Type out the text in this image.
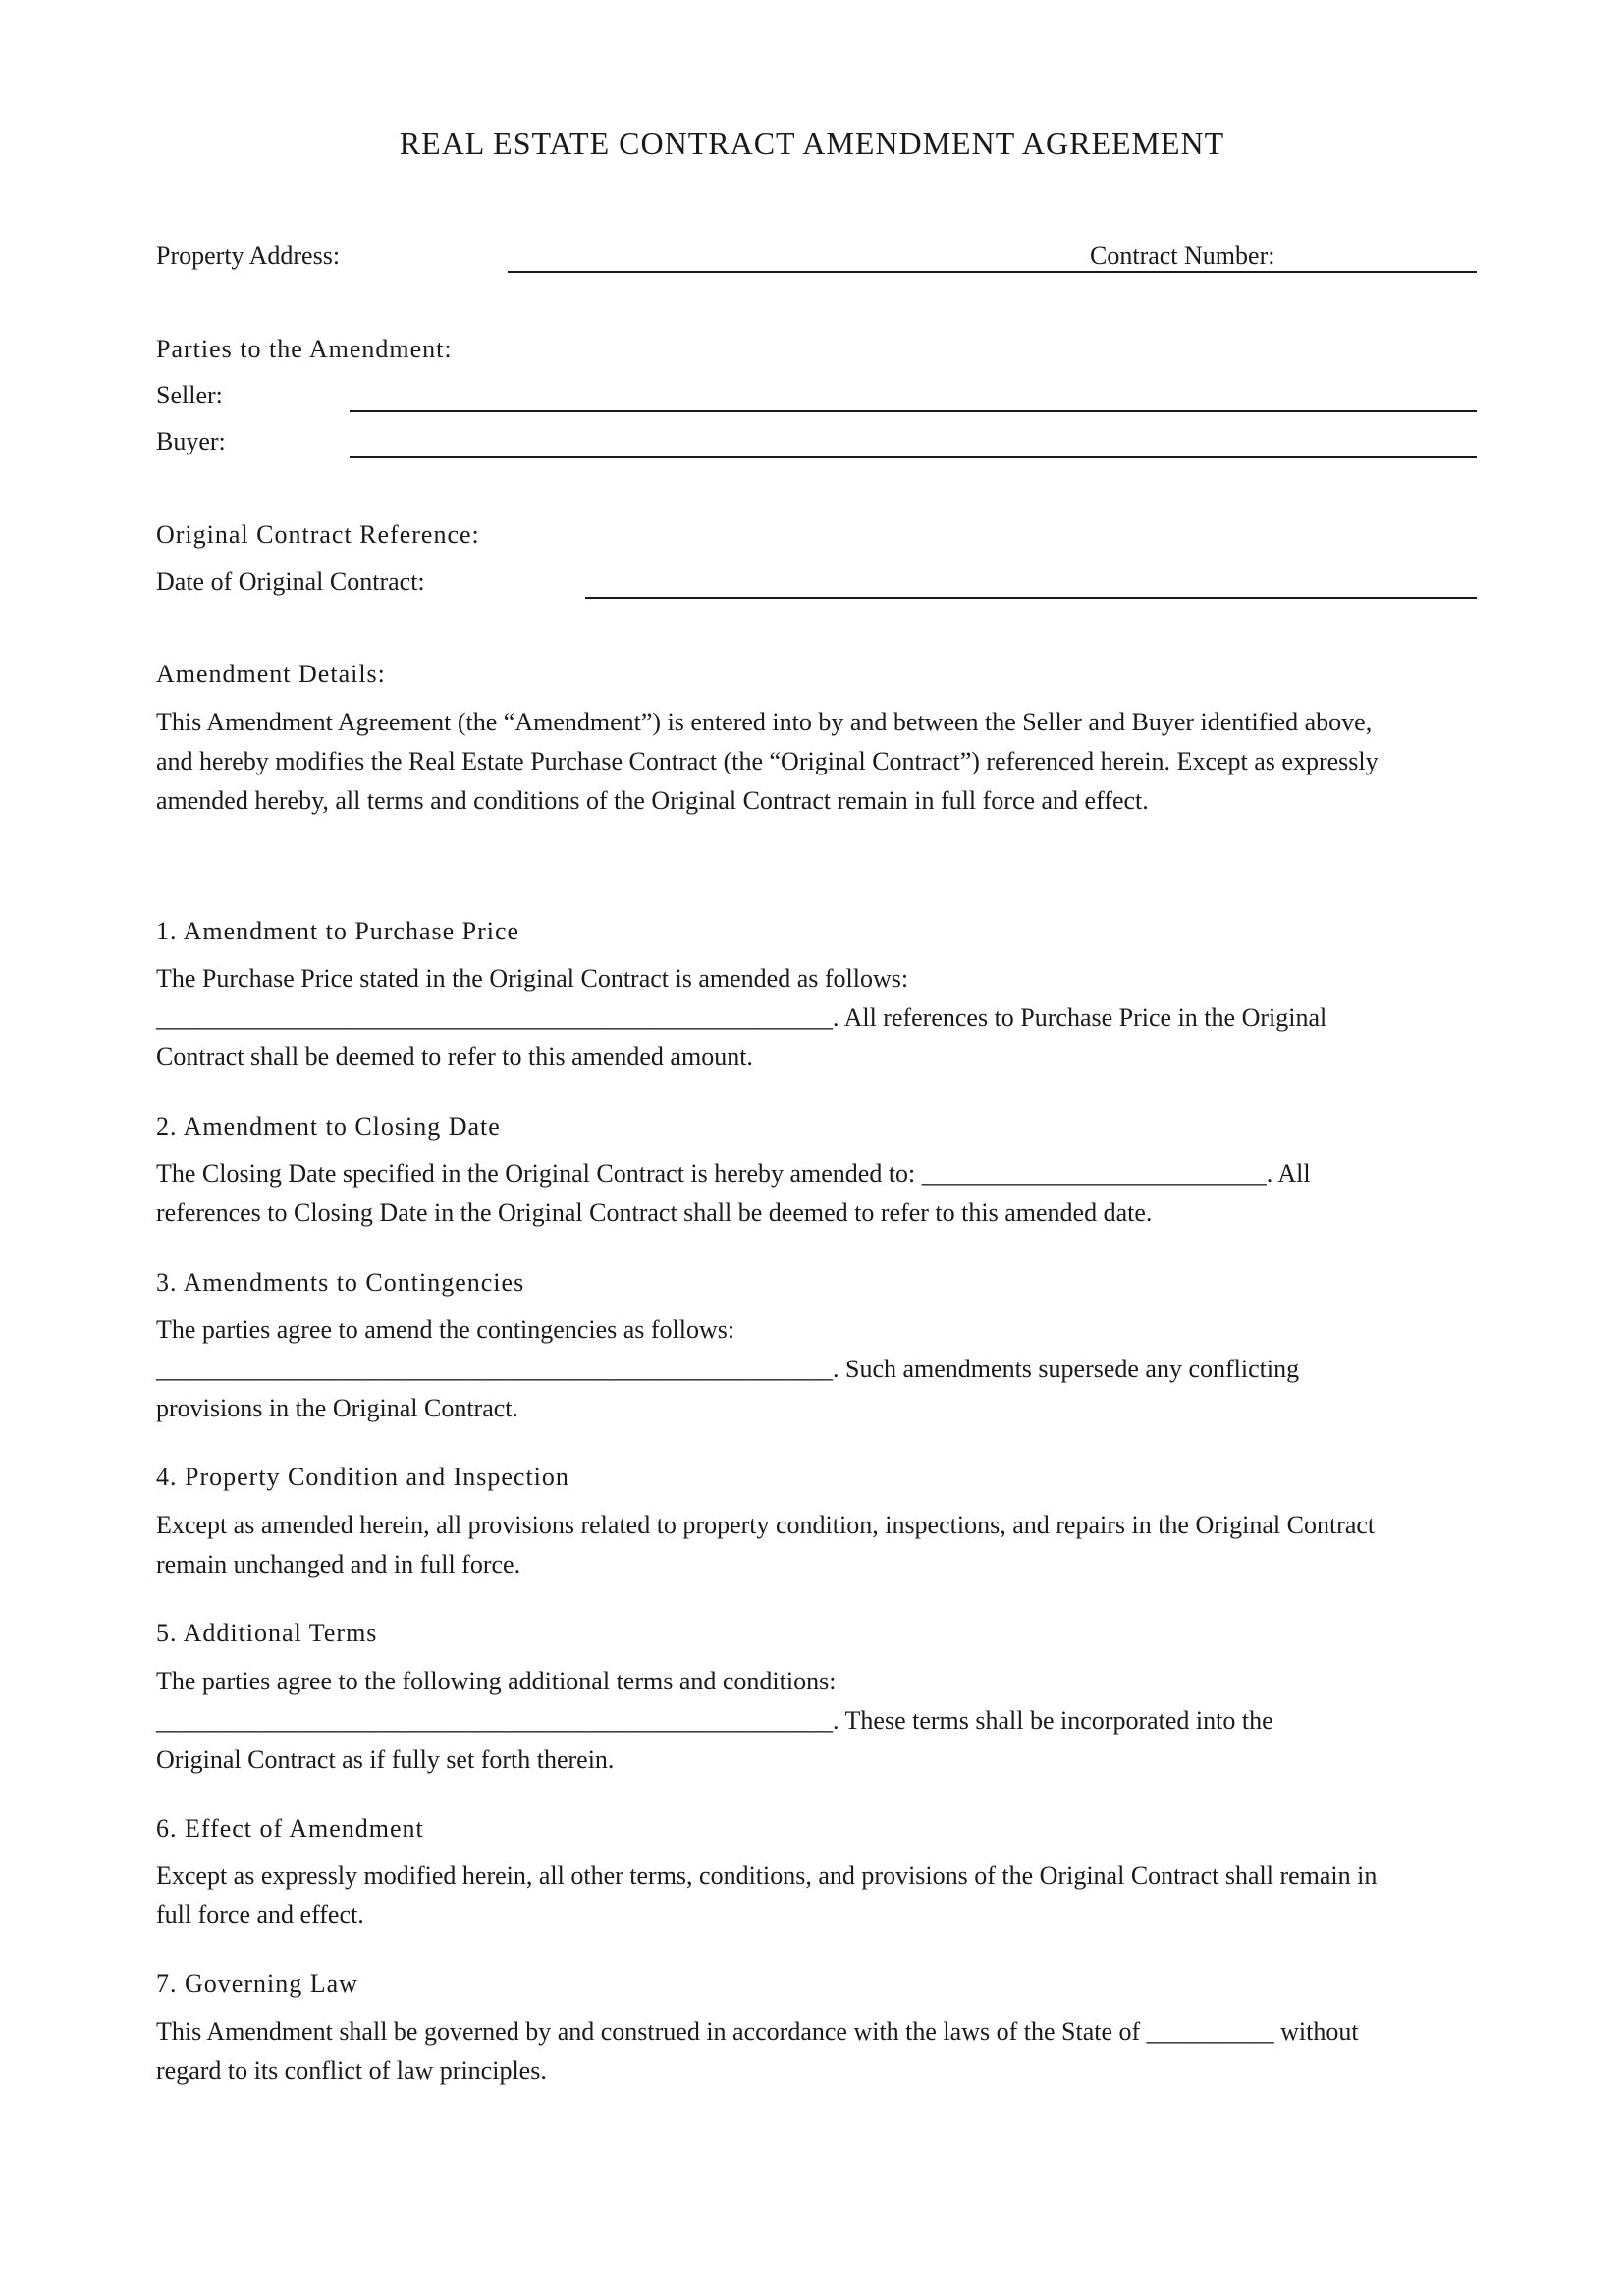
REAL ESTATE CONTRACT AMENDMENT AGREEMENT
Property Address:	Contract Number:
Parties to the Amendment:
Seller:
Buyer:
Original Contract Reference:
Date of Original Contract:
Amendment Details:

This Amendment Agreement (the “Amendment”) is entered into by and between the Seller and Buyer identified above,

and hereby modifies the Real Estate Purchase Contract (the “Original Contract”) referenced herein. Except as expressly

amended hereby, all terms and conditions of the Original Contract remain in full force and effect.

1. Amendment to Purchase Price

The Purchase Price stated in the Original Contract is amended as follows:

_____________________________________________________. All references to Purchase Price in the Original

Contract shall be deemed to refer to this amended amount.

2. Amendment to Closing Date

The Closing Date specified in the Original Contract is hereby amended to: ___________________________. All

references to Closing Date in the Original Contract shall be deemed to refer to this amended date.

3. Amendments to Contingencies

The parties agree to amend the contingencies as follows:

_____________________________________________________. Such amendments supersede any conflicting

provisions in the Original Contract.

4. Property Condition and Inspection

Except as amended herein, all provisions related to property condition, inspections, and repairs in the Original Contract

remain unchanged and in full force.

5. Additional Terms

The parties agree to the following additional terms and conditions:

_____________________________________________________. These terms shall be incorporated into the

Original Contract as if fully set forth therein.

6. Effect of Amendment

Except as expressly modified herein, all other terms, conditions, and provisions of the Original Contract shall remain in

full force and effect.

7. Governing Law

This Amendment shall be governed by and construed in accordance with the laws of the State of __________ without

regard to its conflict of law principles.
